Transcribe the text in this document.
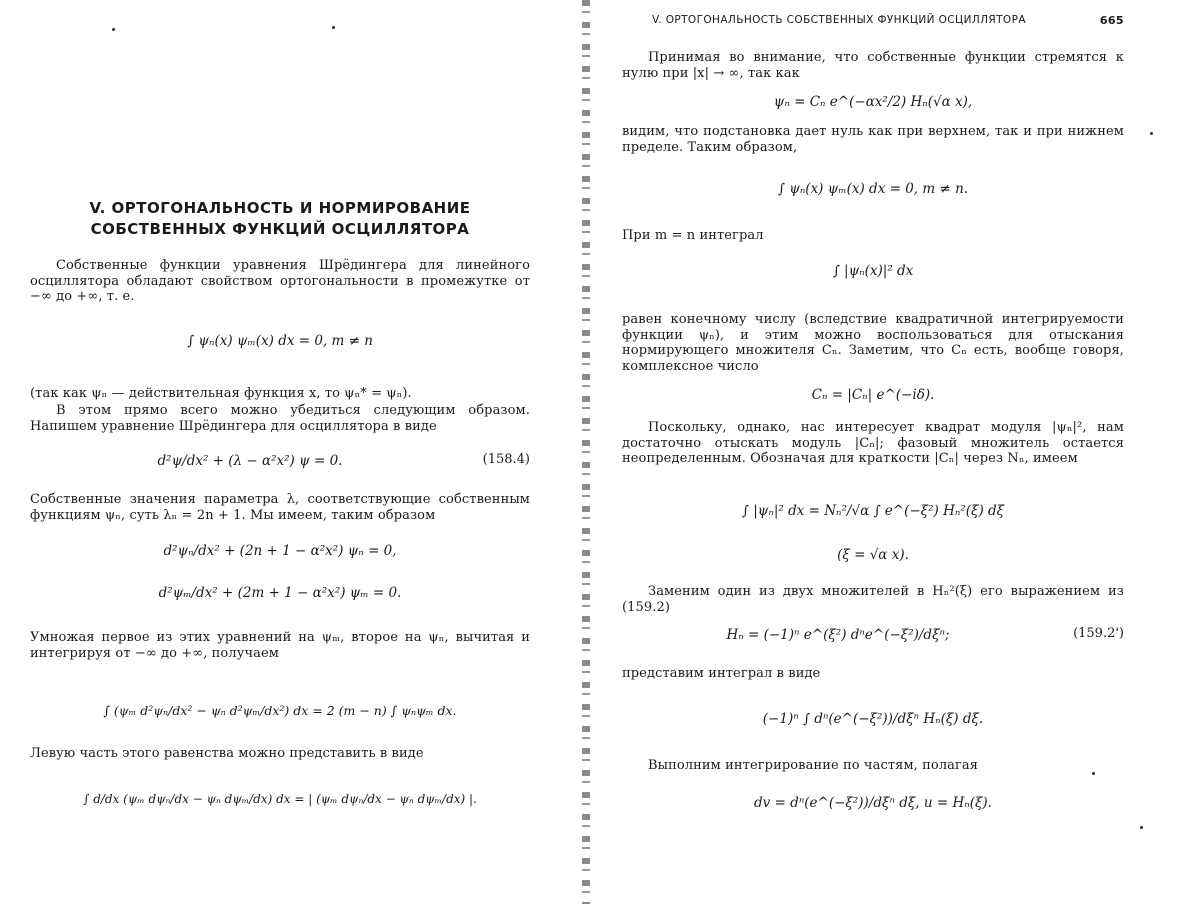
V. ОРТОГОНАЛЬНОСТЬ И НОРМИРОВАНИЕ
СОБСТВЕННЫХ ФУНКЦИЙ ОСЦИЛЛЯТОРА
Собственные функции уравнения Шрёдингера для линейного осциллятора обладают свойством ортогональности в промежутке от −∞ до +∞, т. е.
∫ ψₙ(x) ψₘ(x) dx = 0, m ≠ n
(так как ψₙ — действительная функция x, то ψₙ* = ψₙ).
В этом прямо всего можно убедиться следующим образом. Напишем уравнение Шрёдингера для осциллятора в виде
d²ψ/dx² + (λ − α²x²) ψ = 0.	(158.4)
Собственные значения параметра λ, соответствующие собственным функциям ψₙ, суть λₙ = 2n + 1. Мы имеем, таким образом
d²ψₙ/dx² + (2n + 1 − α²x²) ψₙ = 0,
d²ψₘ/dx² + (2m + 1 − α²x²) ψₘ = 0.
Умножая первое из этих уравнений на ψₘ, второе на ψₙ, вычитая и интегрируя от −∞ до +∞, получаем
∫ (ψₘ d²ψₙ/dx² − ψₙ d²ψₘ/dx²) dx = 2 (m − n) ∫ ψₙψₘ dx.
Левую часть этого равенства можно представить в виде
∫ d/dx (ψₘ dψₙ/dx − ψₙ dψₘ/dx) dx = | (ψₘ dψₙ/dx − ψₙ dψₘ/dx) |.
V. ОРТОГОНАЛЬНОСТЬ СОБСТВЕННЫХ ФУНКЦИЙ ОСЦИЛЛЯТОРА	665
Принимая во внимание, что собственные функции стремятся к нулю при |x| → ∞, так как
ψₙ = Cₙ e^(−αx²/2) Hₙ(√α x),
видим, что подстановка дает нуль как при верхнем, так и при нижнем пределе. Таким образом,
∫ ψₙ(x) ψₘ(x) dx = 0, m ≠ n.
При m = n интеграл
∫ |ψₙ(x)|² dx
равен конечному числу (вследствие квадратичной интегрируемости функции ψₙ), и этим можно воспользоваться для отыскания нормирующего множителя Cₙ. Заметим, что Cₙ есть, вообще говоря, комплексное число
Cₙ = |Cₙ| e^(−iδ).
Поскольку, однако, нас интересует квадрат модуля |ψₙ|², нам достаточно отыскать модуль |Cₙ|; фазовый множитель остается неопределенным. Обозначая для краткости |Cₙ| через Nₙ, имеем
∫ |ψₙ|² dx = Nₙ²/√α ∫ e^(−ξ²) Hₙ²(ξ) dξ
(ξ = √α x).
Заменим один из двух множителей в Hₙ²(ξ) его выражением из (159.2)
Hₙ = (−1)ⁿ e^(ξ²) dⁿe^(−ξ²)/dξⁿ;	(159.2')
представим интеграл в виде
(−1)ⁿ ∫ dⁿ(e^(−ξ²))/dξⁿ Hₙ(ξ) dξ.
Выполним интегрирование по частям, полагая
dv = dⁿ(e^(−ξ²))/dξⁿ dξ, u = Hₙ(ξ).
